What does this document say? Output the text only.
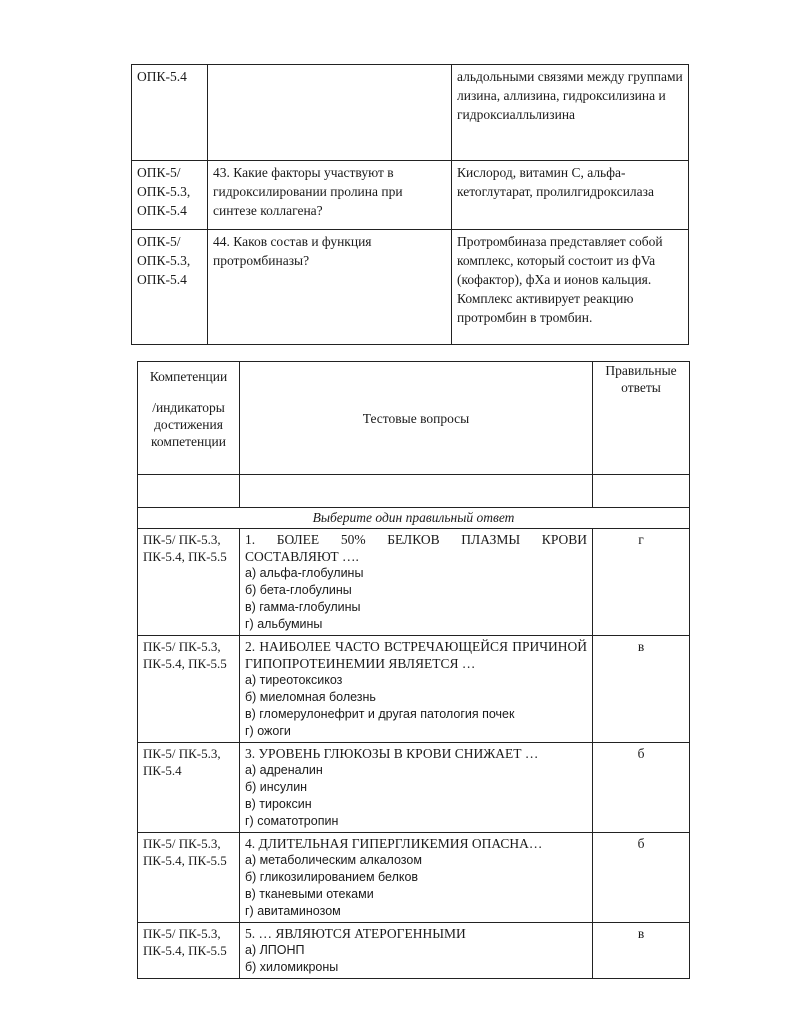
ОПК-5.4		альдольными связями между группами лизина, аллизина, гидроксилизина и гидроксиалльлизина
ОПК-5/ ОПК-5.3, ОПК-5.4	43. Какие факторы участвуют в гидроксилировании пролина при синтезе коллагена?	Кислород, витамин С, альфа-кетоглутарат, пролилгидроксилаза
ОПК-5/ ОПК-5.3, ОПК-5.4	44. Каков состав и функция протромбиназы?	Протромбиназа представляет собой комплекс, который состоит из фVa (кофактор), фХа и ионов кальция. Комплекс активирует реакцию протромбин в тромбин.
Компетенции
/индикаторы достижения компетенции	Тестовые вопросы	Правильные ответы

Выберите один правильный ответ		
ПК-5/ ПК-5.3, ПК-5.4, ПК-5.5	1. БОЛЕЕ 50% БЕЛКОВ ПЛАЗМЫ КРОВИ СОСТАВЛЯЮТ ….
а) альфа-глобулины
б) бета-глобулины
в) гамма-глобулины
г) альбумины	г
ПК-5/ ПК-5.3, ПК-5.4, ПК-5.5	2. НАИБОЛЕЕ ЧАСТО ВСТРЕЧАЮЩЕЙСЯ ПРИЧИНОЙ ГИПОПРОТЕИНЕМИИ ЯВЛЯЕТСЯ …
а) тиреотоксикоз
б) миеломная болезнь
в) гломерулонефрит и другая патология почек
г) ожоги	в
ПК-5/ ПК-5.3, ПК-5.4	3. УРОВЕНЬ ГЛЮКОЗЫ В КРОВИ СНИЖАЕТ …
а) адреналин
б) инсулин
в) тироксин
г) соматотропин	б
ПК-5/ ПК-5.3, ПК-5.4, ПК-5.5	4. ДЛИТЕЛЬНАЯ ГИПЕРГЛИКЕМИЯ ОПАСНА…
а) метаболическим алкалозом
б) гликозилированием белков
в) тканевыми отеками
г) авитаминозом	б
ПК-5/ ПК-5.3, ПК-5.4, ПК-5.5	5. … ЯВЛЯЮТСЯ АТЕРОГЕННЫМИ
а) ЛПОНП
б) хиломикроны	в
